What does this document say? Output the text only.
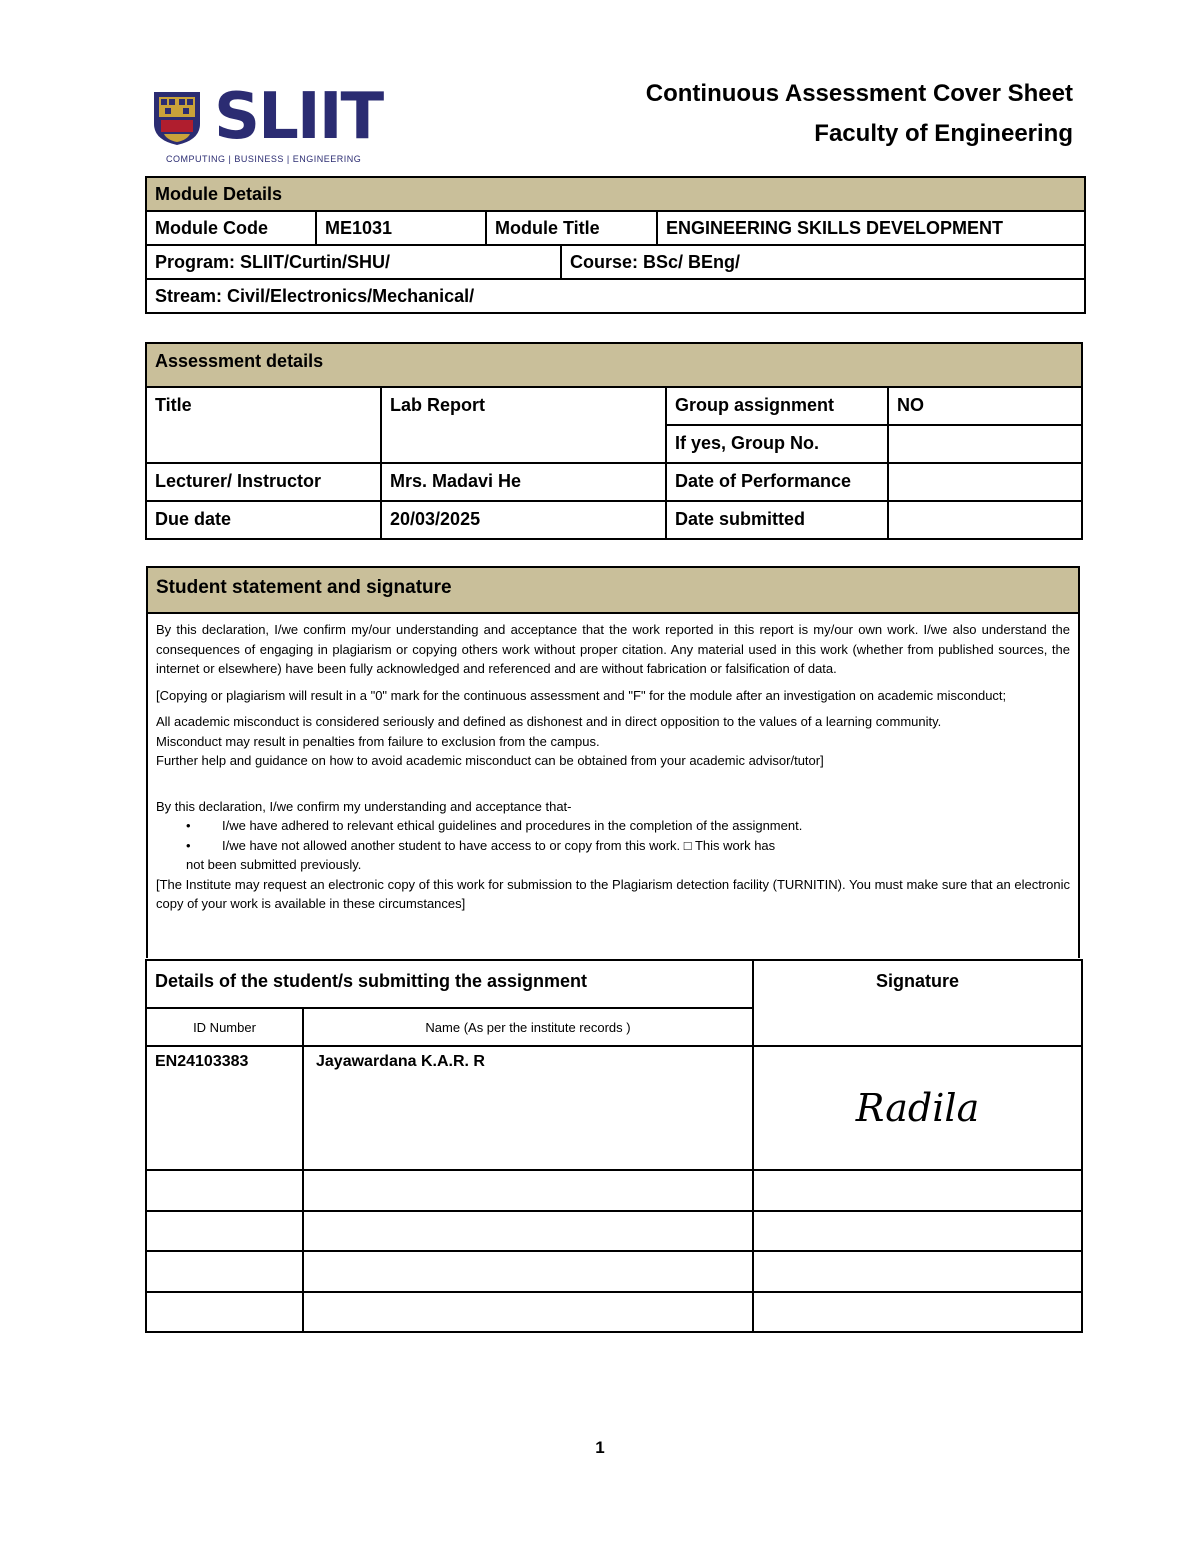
SLIIT
COMPUTING | BUSINESS | ENGINEERING
Continuous Assessment Cover Sheet
Faculty of Engineering
Module Details				
Module Code	ME1031	Module Title		ENGINEERING SKILLS DEVELOPMENT
Program: SLIIT/Curtin/SHU/			Course: BSc/ BEng/	
Stream: Civil/Electronics/Mechanical/				
Assessment details			
Title	Lab Report	Group assignment	NO
		If yes, Group No.	
Lecturer/ Instructor	Mrs. Madavi He	Date of Performance	
Due date	20/03/2025	Date submitted	
Student statement and signature

By this declaration, I/we confirm my/our understanding and acceptance that the work reported in this report is my/our own work. I/we also understand the consequences of engaging in plagiarism or copying others work without proper citation. Any material used in this work (whether from published sources, the internet or elsewhere) have been fully acknowledged and referenced and are without fabrication or falsification of data.

[Copying or plagiarism will result in a "0" mark for the continuous assessment and "F" for the module after an investigation on academic misconduct;

All academic misconduct is considered seriously and defined as dishonest and in direct opposition to the values of a learning community.
Misconduct may result in penalties from failure to exclusion from the campus.
Further help and guidance on how to avoid academic misconduct can be obtained from your academic advisor/tutor]
By this declaration, I/we confirm my understanding and acceptance that-
• I/we have adhered to relevant ethical guidelines and procedures in the completion of the assignment.
• I/we have not allowed another student to have access to or copy from this work. □ This work has
not been submitted previously.
[The Institute may request an electronic copy of this work for submission to the Plagiarism detection facility (TURNITIN). You must make sure that an electronic copy of your work is available in these circumstances]
Details of the student/s submitting the assignment		Signature
ID Number	Name (As per the institute records )	
EN24103383	Jayawardana K.A.R. R	Radila

1
